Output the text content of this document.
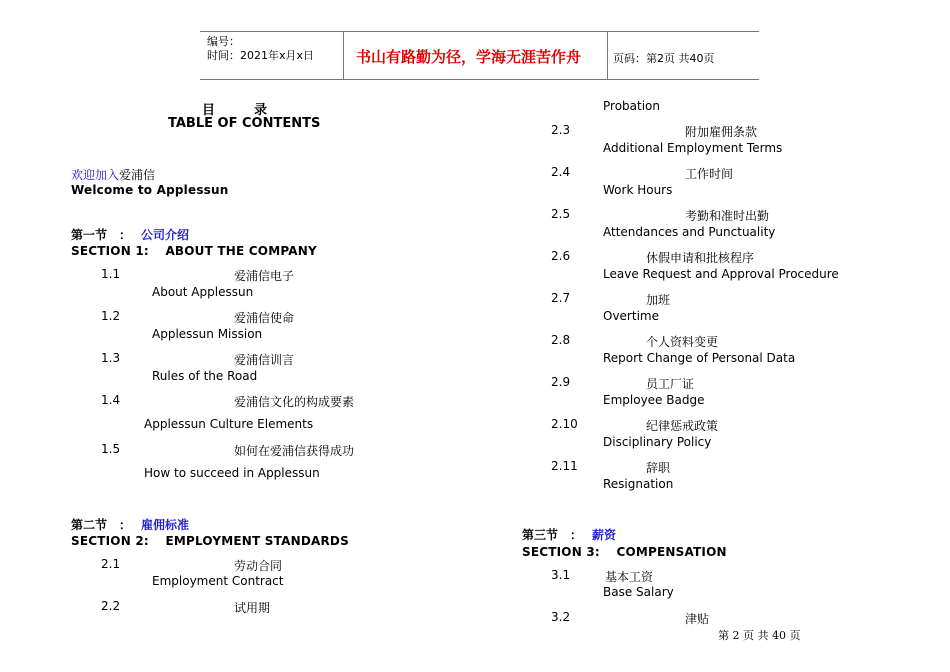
编号：
时间：2021年x月x日	书山有路勤为径，学海无涯苦作舟	页码：第2页 共40页
目　　　录
TABLE OF CONTENTS
欢迎加入爱浦信
Welcome to Applessun
第一节　： 公司介绍
SECTION 1:　 ABOUT THE COMPANY
1.1	爱浦信电子
About Applessun
1.2	爱浦信使命
Applessun Mission
1.3	爱浦信训言
Rules of the Road
1.4	爱浦信文化的构成要素
Applessun Culture Elements
1.5	如何在爱浦信获得成功
How to succeed in Applessun
第二节　： 雇佣标准
SECTION 2:　 EMPLOYMENT STANDARDS
2.1	劳动合同
Employment Contract
2.2	试用期
Probation
2.3	附加雇佣条款
Additional Employment Terms
2.4	工作时间
Work Hours
2.5	考勤和准时出勤
Attendances and Punctuality
2.6	休假申请和批核程序
Leave Request and Approval Procedure
2.7	加班
Overtime
2.8	个人资料变更
Report Change of Personal Data
2.9	员工厂证
Employee Badge
2.10	纪律惩戒政策
Disciplinary Policy
2.11	辞职
Resignation
第三节　： 薪资
SECTION 3:　 COMPENSATION
3.1	基本工资
Base Salary
3.2	津贴
第 2 页 共 40 页
